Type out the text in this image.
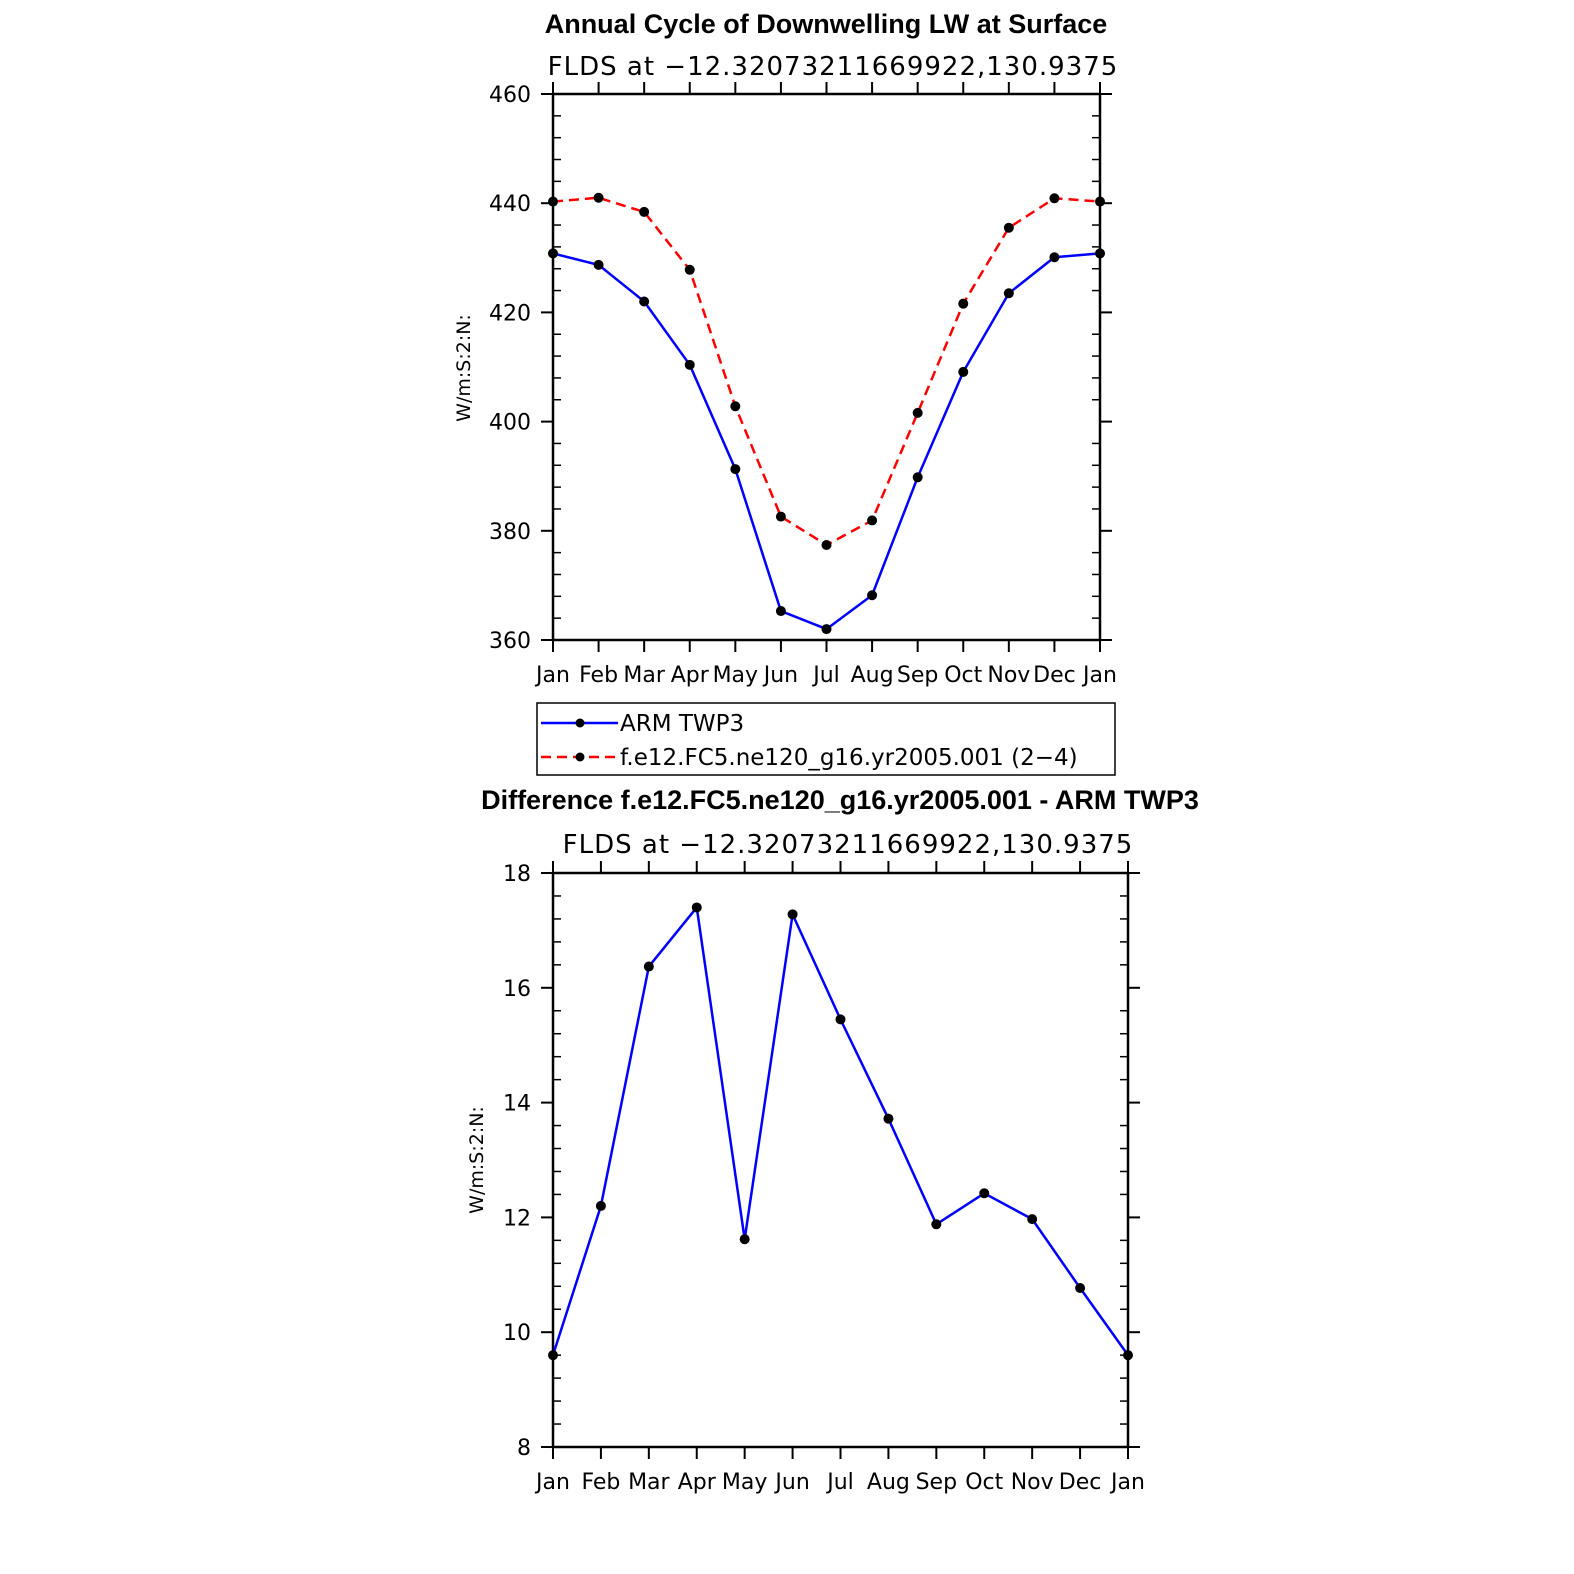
Annual Cycle of Downwelling LW at Surface
FLDS at −12.32073211669922,130.9375
W/m:S:2:N:
Jan Feb Mar Apr May Jun Jul Aug Sep Oct Nov Dec Jan
360
380
400
420
440
460
ARM TWP3
f.e12.FC5.ne120_g16.yr2005.001 (2−4)
Difference f.e12.FC5.ne120_g16.yr2005.001 - ARM TWP3
FLDS at −12.32073211669922,130.9375
W/m:S:2:N:
Jan Feb Mar Apr May Jun Jul Aug Sep Oct Nov Dec Jan
8
10
12
14
16
18
